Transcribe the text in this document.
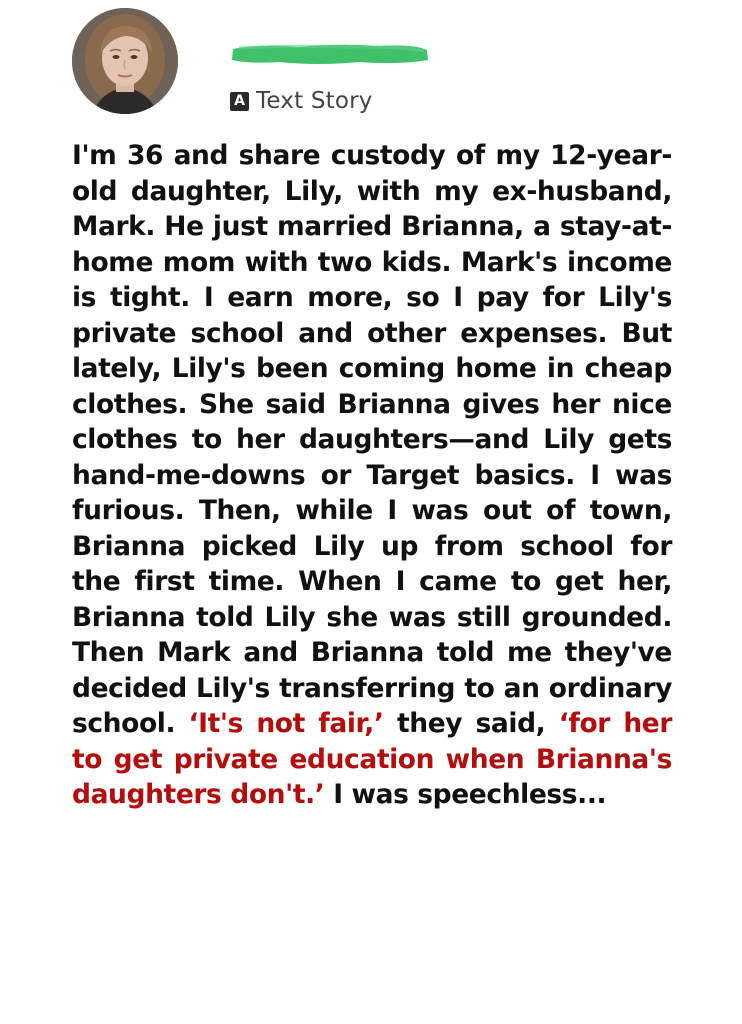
A Text Story

I'm 36 and share custody of my 12-year-old daughter, Lily, with my ex-husband, Mark. He just married Brianna, a stay-at-home mom with two kids. Mark's income is tight. I earn more, so I pay for Lily's private school and other expenses. But lately, Lily's been coming home in cheap clothes. She said Brianna gives her nice clothes to her daughters—and Lily gets hand-me-downs or Target basics. I was furious. Then, while I was out of town, Brianna picked Lily up from school for the first time. When I came to get her, Brianna told Lily she was still grounded. Then Mark and Brianna told me they've decided Lily's transferring to an ordinary school. ‘It's not fair,’ they said, ‘for her to get private education when Brianna's daughters don't.’ I was speechless...
